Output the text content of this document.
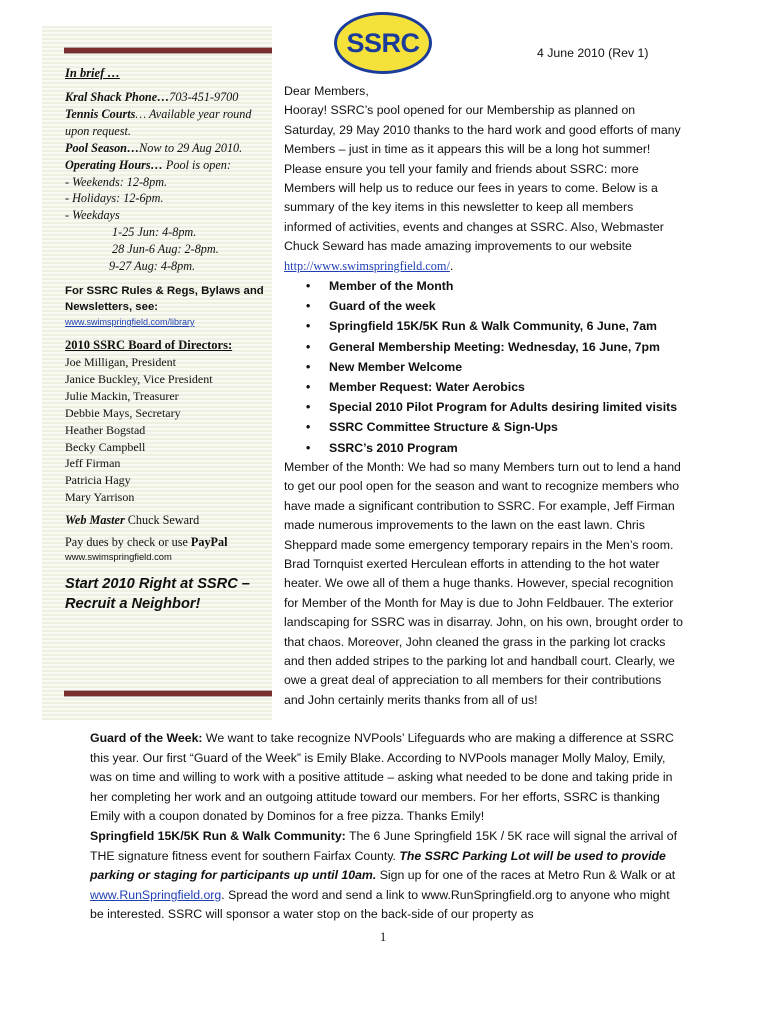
In brief …
Kral Shack Phone…703-451-9700
Tennis Courts… Available year round upon request.
Pool Season…Now to 29 Aug 2010.
Operating Hours… Pool is open:
- Weekends: 12-8pm.
- Holidays: 12-6pm.
- Weekdays
1-25 Jun: 4-8pm.
28 Jun-6 Aug: 2-8pm.
9-27 Aug: 4-8pm.
For SSRC Rules & Regs, Bylaws and Newsletters, see:
www.swimspringfield.com/library
2010 SSRC Board of Directors:
Joe Milligan, President
Janice Buckley, Vice President
Julie Mackin, Treasurer
Debbie Mays, Secretary
Heather Bogstad
Becky Campbell
Jeff Firman
Patricia Hagy
Mary Yarrison
Web Master Chuck Seward
Pay dues by check or use PayPal
www.swimspringfield.com
Start 2010 Right at SSRC – Recruit a Neighbor!
SSRC	4 June 2010 (Rev 1)

Dear Members,

Hooray! SSRC’s pool opened for our Membership as planned on Saturday, 29 May 2010 thanks to the hard work and good efforts of many Members – just in time as it appears this will be a long hot summer! Please ensure you tell your family and friends about SSRC: more Members will help us to reduce our fees in years to come. Below is a summary of the key items in this newsletter to keep all members informed of activities, events and changes at SSRC. Also, Webmaster Chuck Seward has made amazing improvements to our website http://www.swimspringfield.com/.

• Member of the Month
• Guard of the week
• Springfield 15K/5K Run & Walk Community, 6 June, 7am
• General Membership Meeting: Wednesday, 16 June, 7pm
• New Member Welcome
• Member Request: Water Aerobics
• Special 2010 Pilot Program for Adults desiring limited visits
• SSRC Committee Structure & Sign-Ups
• SSRC’s 2010 Program

Member of the Month: We had so many Members turn out to lend a hand to get our pool open for the season and want to recognize members who have made a significant contribution to SSRC. For example, Jeff Firman made numerous improvements to the lawn on the east lawn. Chris Sheppard made some emergency temporary repairs in the Men’s room. Brad Tornquist exerted Herculean efforts in attending to the hot water heater. We owe all of them a huge thanks. However, special recognition for Member of the Month for May is due to John Feldbauer. The exterior landscaping for SSRC was in disarray. John, on his own, brought order to that chaos. Moreover, John cleaned the grass in the parking lot cracks and then added stripes to the parking lot and handball court. Clearly, we owe a great deal of appreciation to all members for their contributions and John certainly merits thanks from all of us!

Guard of the Week: We want to take recognize NVPools’ Lifeguards who are making a difference at SSRC this year. Our first “Guard of the Week” is Emily Blake. According to NVPools manager Molly Maloy, Emily, was on time and willing to work with a positive attitude – asking what needed to be done and taking pride in her completing her work and an outgoing attitude toward our members. For her efforts, SSRC is thanking Emily with a coupon donated by Dominos for a free pizza. Thanks Emily!

Springfield 15K/5K Run & Walk Community: The 6 June Springfield 15K / 5K race will signal the arrival of THE signature fitness event for southern Fairfax County. The SSRC Parking Lot will be used to provide parking or staging for participants up until 10am. Sign up for one of the races at Metro Run & Walk or at www.RunSpringfield.org. Spread the word and send a link to www.RunSpringfield.org to anyone who might be interested. SSRC will sponsor a water stop on the back-side of our property as

1
